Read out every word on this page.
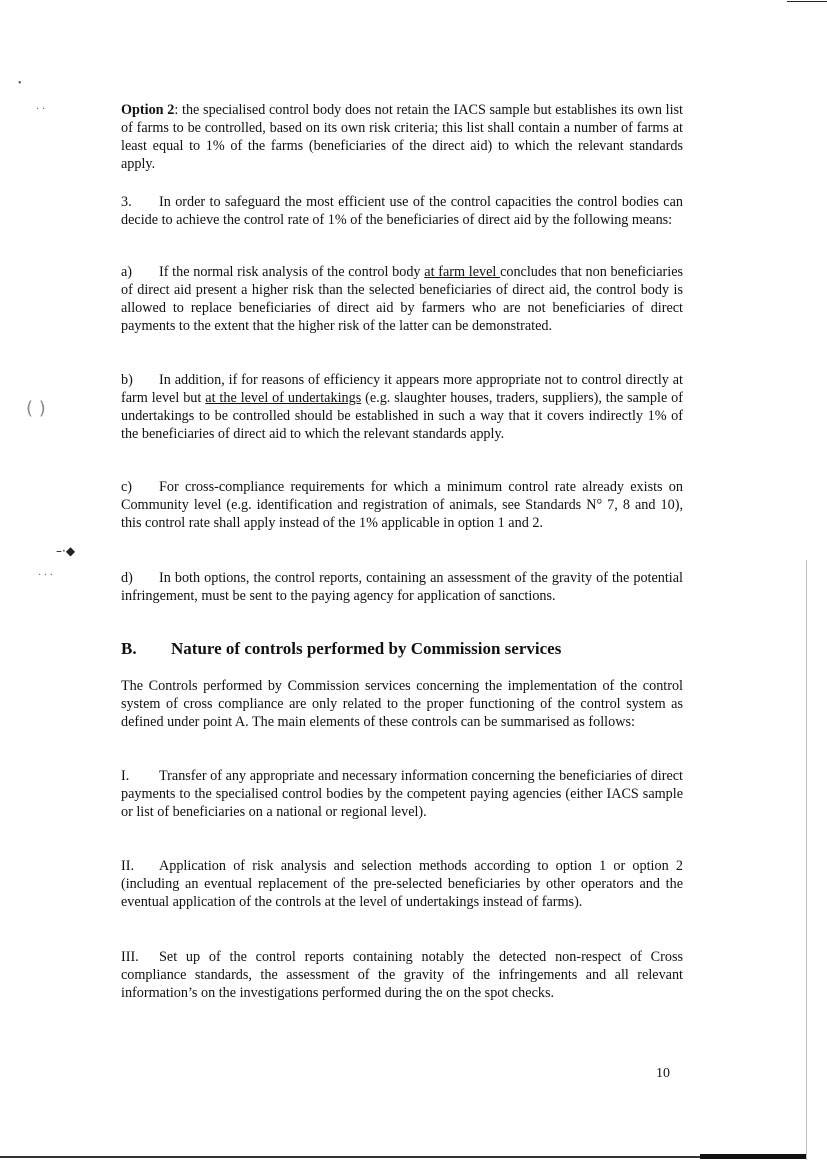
•
· ·
( )
–·◆
· · ·

Option 2: the specialised control body does not retain the IACS sample but establishes its own list of farms to be controlled, based on its own risk criteria; this list shall contain a number of farms at least equal to 1% of the farms (beneficiaries of the direct aid) to which the relevant standards apply.

3. In order to safeguard the most efficient use of the control capacities the control bodies can decide to achieve the control rate of 1% of the beneficiaries of direct aid by the following means:

a) If the normal risk analysis of the control body at farm level concludes that non beneficiaries of direct aid present a higher risk than the selected beneficiaries of direct aid, the control body is allowed to replace beneficiaries of direct aid by farmers who are not beneficiaries of direct payments to the extent that the higher risk of the latter can be demonstrated.

b) In addition, if for reasons of efficiency it appears more appropriate not to control directly at farm level but at the level of undertakings (e.g. slaughter houses, traders, suppliers), the sample of undertakings to be controlled should be established in such a way that it covers indirectly 1% of the beneficiaries of direct aid to which the relevant standards apply.

c) For cross-compliance requirements for which a minimum control rate already exists on Community level (e.g. identification and registration of animals, see Standards N° 7, 8 and 10), this control rate shall apply instead of the 1% applicable in option 1 and 2.

d) In both options, the control reports, containing an assessment of the gravity of the potential infringement, must be sent to the paying agency for application of sanctions.

B. Nature of controls performed by Commission services

The Controls performed by Commission services concerning the implementation of the control system of cross compliance are only related to the proper functioning of the control system as defined under point A. The main elements of these controls can be summarised as follows:

I. Transfer of any appropriate and necessary information concerning the beneficiaries of direct payments to the specialised control bodies by the competent paying agencies (either IACS sample or list of beneficiaries on a national or regional level).

II. Application of risk analysis and selection methods according to option 1 or option 2 (including an eventual replacement of the pre-selected beneficiaries by other operators and the eventual application of the controls at the level of undertakings instead of farms).

III. Set up of the control reports containing notably the detected non-respect of Cross compliance standards, the assessment of the gravity of the infringements and all relevant information’s on the investigations performed during the on the spot checks.

10
